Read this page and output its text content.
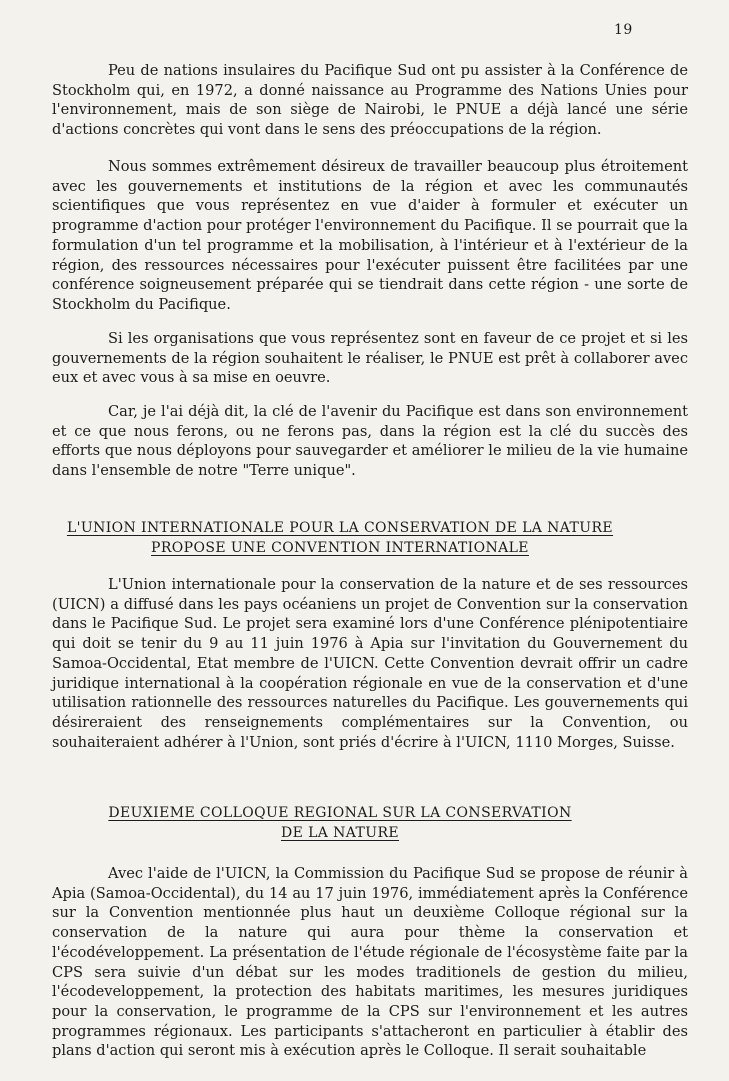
19

Peu de nations insulaires du Pacifique Sud ont pu assister à la Conférence de Stockholm qui, en 1972, a donné naissance au Programme des Nations Unies pour l'environnement, mais de son siège de Nairobi, le PNUE a déjà lancé une série d'actions concrètes qui vont dans le sens des préoccupations de la région.

Nous sommes extrêmement désireux de travailler beaucoup plus étroitement avec les gouvernements et institutions de la région et avec les communautés scientifiques que vous représentez en vue d'aider à formuler et exécuter un programme d'action pour protéger l'environnement du Pacifique. Il se pourrait que la formulation d'un tel programme et la mobilisation, à l'intérieur et à l'extérieur de la région, des ressources nécessaires pour l'exécuter puissent être facilitées par une conférence soigneusement préparée qui se tiendrait dans cette région - une sorte de Stockholm du Pacifique.

Si les organisations que vous représentez sont en faveur de ce projet et si les gouvernements de la région souhaitent le réaliser, le PNUE est prêt à collaborer avec eux et avec vous à sa mise en oeuvre.

Car, je l'ai déjà dit, la clé de l'avenir du Pacifique est dans son environnement et ce que nous ferons, ou ne ferons pas, dans la région est la clé du succès des efforts que nous déployons pour sauvegarder et améliorer le milieu de la vie humaine dans l'ensemble de notre "Terre unique".

L'UNION INTERNATIONALE POUR LA CONSERVATION DE LA NATURE
PROPOSE UNE CONVENTION INTERNATIONALE

L'Union internationale pour la conservation de la nature et de ses ressources (UICN) a diffusé dans les pays océaniens un projet de Convention sur la conservation dans le Pacifique Sud. Le projet sera examiné lors d'une Conférence plénipotentiaire qui doit se tenir du 9 au 11 juin 1976 à Apia sur l'invitation du Gouvernement du Samoa-Occidental, Etat membre de l'UICN. Cette Convention devrait offrir un cadre juridique international à la coopération régionale en vue de la conservation et d'une utilisation rationnelle des ressources naturelles du Pacifique. Les gouvernements qui désireraient des renseignements complémentaires sur la Convention, ou souhaiteraient adhérer à l'Union, sont priés d'écrire à l'UICN, 1110 Morges, Suisse.

DEUXIEME COLLOQUE REGIONAL SUR LA CONSERVATION
DE LA NATURE

Avec l'aide de l'UICN, la Commission du Pacifique Sud se propose de réunir à Apia (Samoa-Occidental), du 14 au 17 juin 1976, immédiatement après la Conférence sur la Convention mentionnée plus haut un deuxième Colloque régional sur la conservation de la nature qui aura pour thème la conservation et l'écodéveloppement. La présentation de l'étude régionale de l'écosystème faite par la CPS sera suivie d'un débat sur les modes traditionels de gestion du milieu, l'écodeveloppement, la protection des habitats maritimes, les mesures juridiques pour la conservation, le programme de la CPS sur l'environnement et les autres programmes régionaux. Les participants s'attacheront en particulier à établir des plans d'action qui seront mis à exécution après le Colloque. Il serait souhaitable
